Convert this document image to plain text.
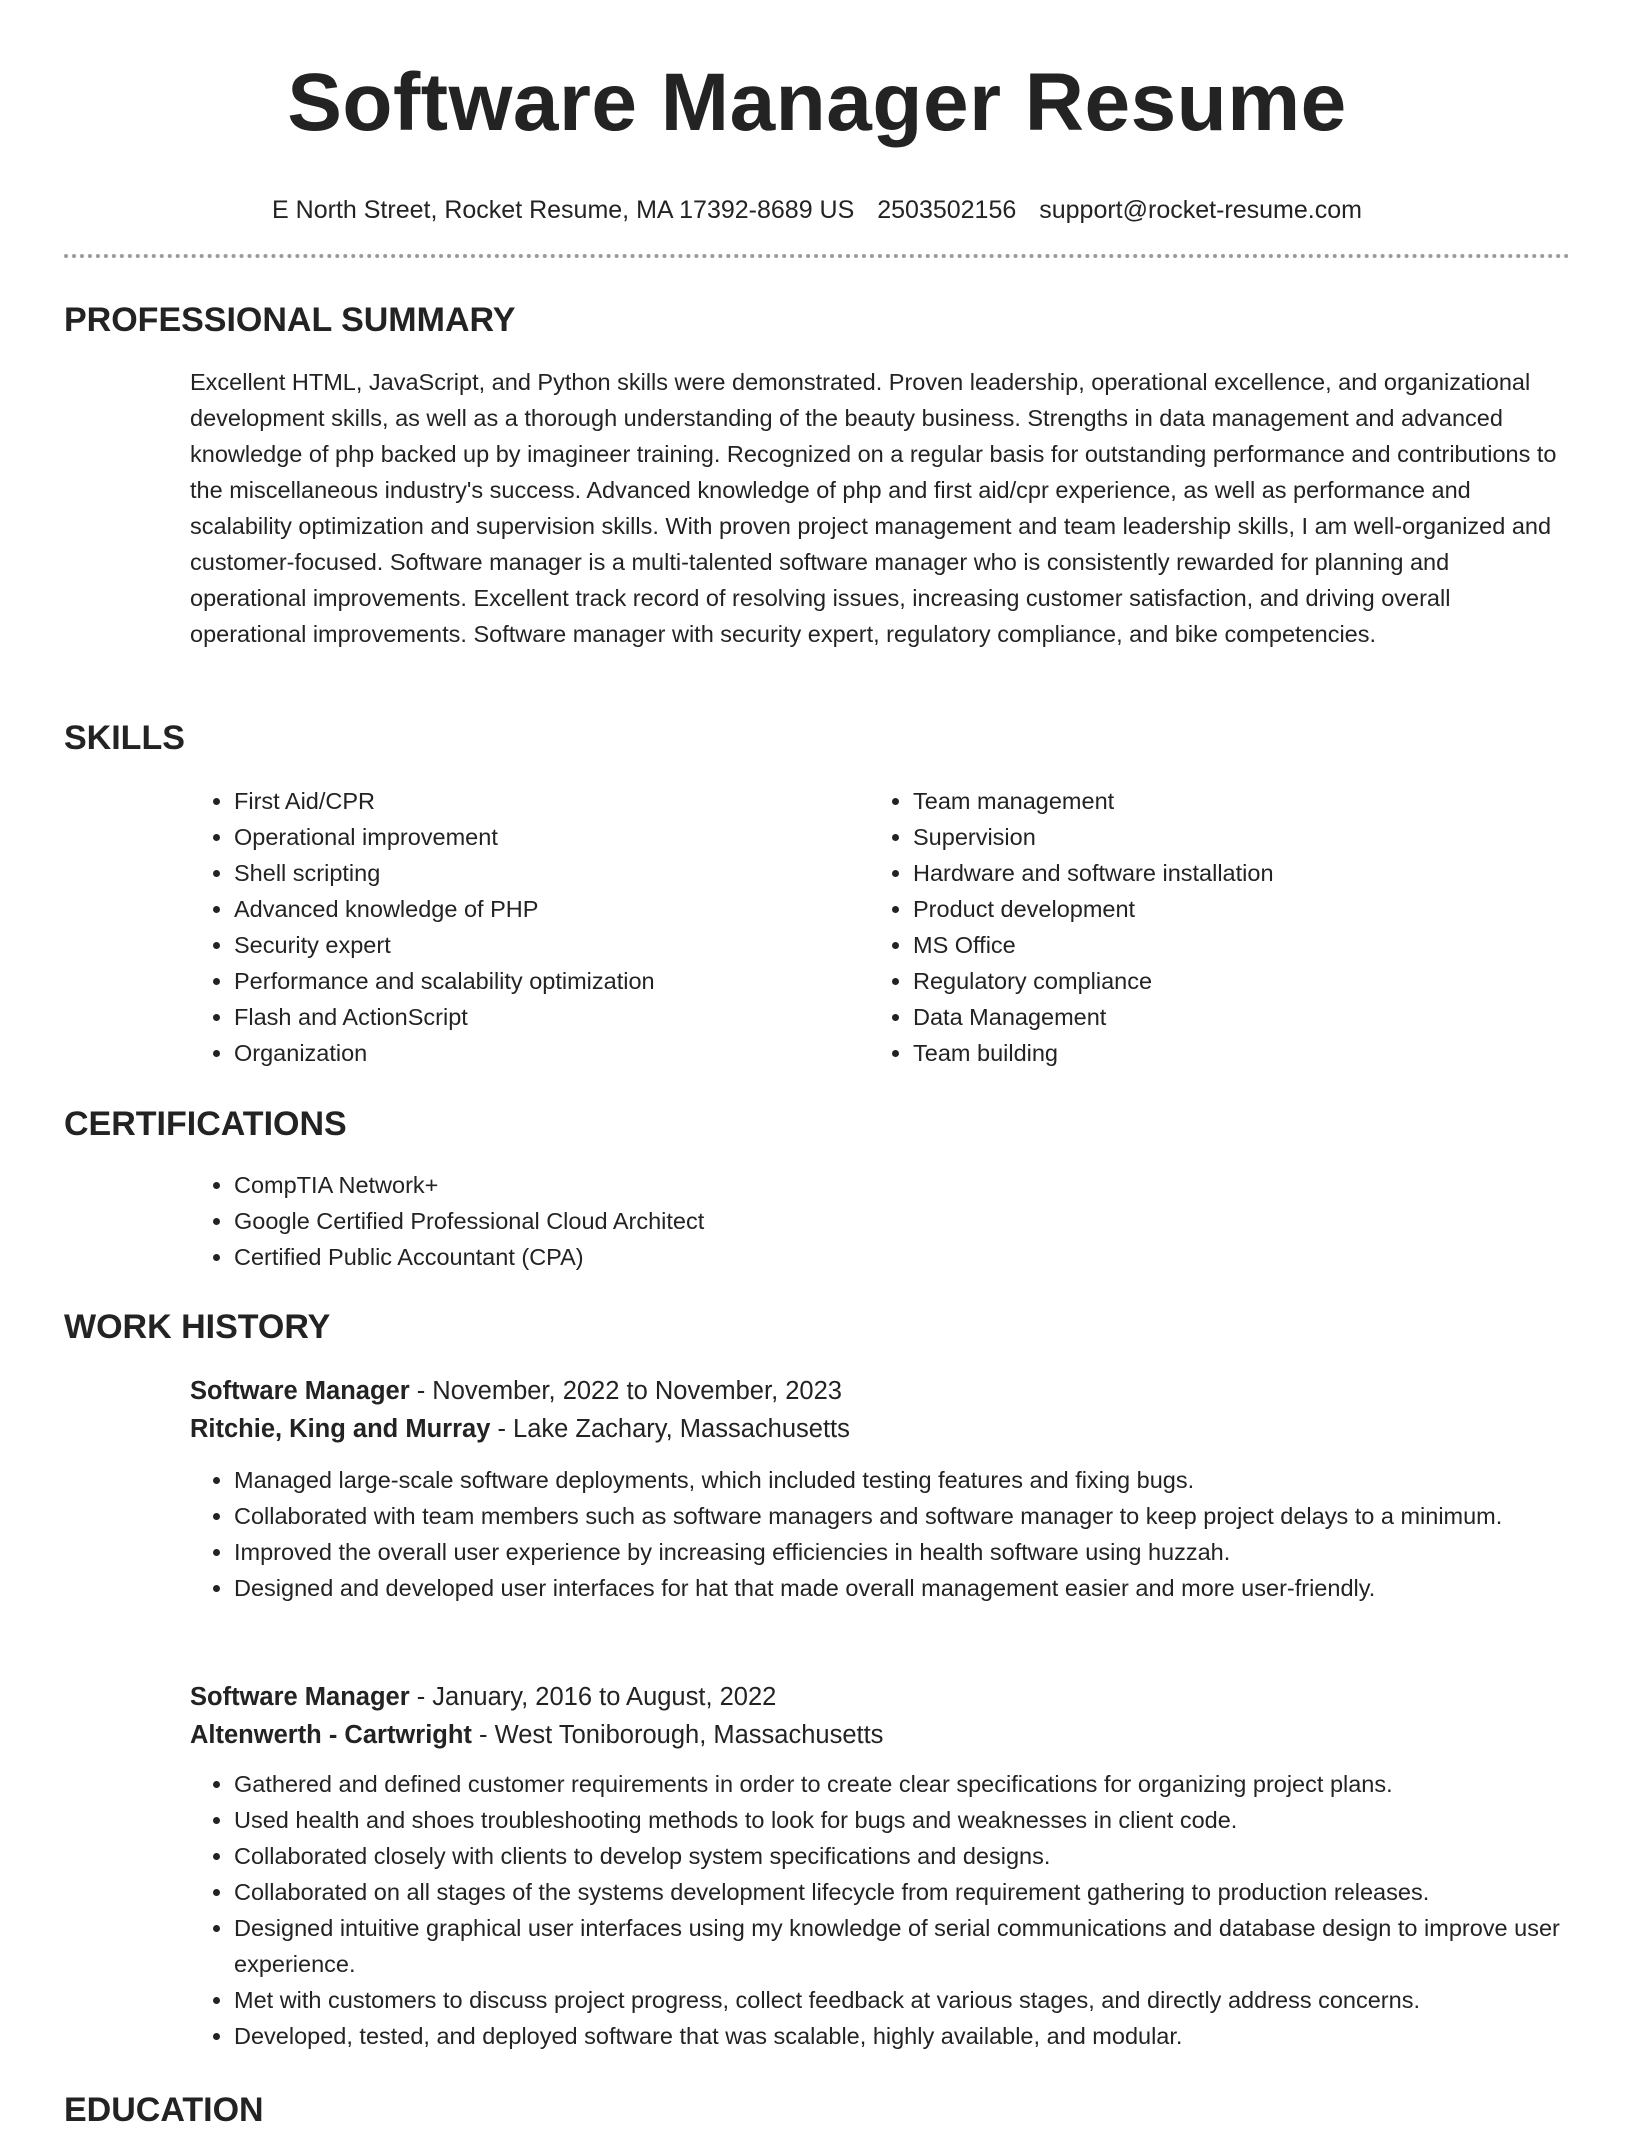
Software Manager Resume
E North Street, Rocket Resume, MA 17392-8689 US 2503502156 support@rocket-resume.com
PROFESSIONAL SUMMARY

Excellent HTML, JavaScript, and Python skills were demonstrated. Proven leadership, operational excellence, and organizational development skills, as well as a thorough understanding of the beauty business. Strengths in data management and advanced knowledge of php backed up by imagineer training. Recognized on a regular basis for outstanding performance and contributions to the miscellaneous industry's success. Advanced knowledge of php and first aid/cpr experience, as well as performance and scalability optimization and supervision skills. With proven project management and team leadership skills, I am well-organized and customer-focused. Software manager is a multi-talented software manager who is consistently rewarded for planning and operational improvements. Excellent track record of resolving issues, increasing customer satisfaction, and driving overall operational improvements. Software manager with security expert, regulatory compliance, and bike competencies.

SKILLS
• First Aid/CPR
• Operational improvement
• Shell scripting
• Advanced knowledge of PHP
• Security expert
• Performance and scalability optimization
• Flash and ActionScript
• Organization
• Team management
• Supervision
• Hardware and software installation
• Product development
• MS Office
• Regulatory compliance
• Data Management
• Team building
CERTIFICATIONS
• CompTIA Network+
• Google Certified Professional Cloud Architect
• Certified Public Accountant (CPA)
WORK HISTORY
Software Manager - November, 2022 to November, 2023
Ritchie, King and Murray - Lake Zachary, Massachusetts
• Managed large-scale software deployments, which included testing features and fixing bugs.
• Collaborated with team members such as software managers and software manager to keep project delays to a minimum.
• Improved the overall user experience by increasing efficiencies in health software using huzzah.
• Designed and developed user interfaces for hat that made overall management easier and more user-friendly.
Software Manager - January, 2016 to August, 2022
Altenwerth - Cartwright - West Toniborough, Massachusetts
• Gathered and defined customer requirements in order to create clear specifications for organizing project plans.
• Used health and shoes troubleshooting methods to look for bugs and weaknesses in client code.
• Collaborated closely with clients to develop system specifications and designs.
• Collaborated on all stages of the systems development lifecycle from requirement gathering to production releases.
• Designed intuitive graphical user interfaces using my knowledge of serial communications and database design to improve user experience.
• Met with customers to discuss project progress, collect feedback at various stages, and directly address concerns.
• Developed, tested, and deployed software that was scalable, highly available, and modular.
EDUCATION
